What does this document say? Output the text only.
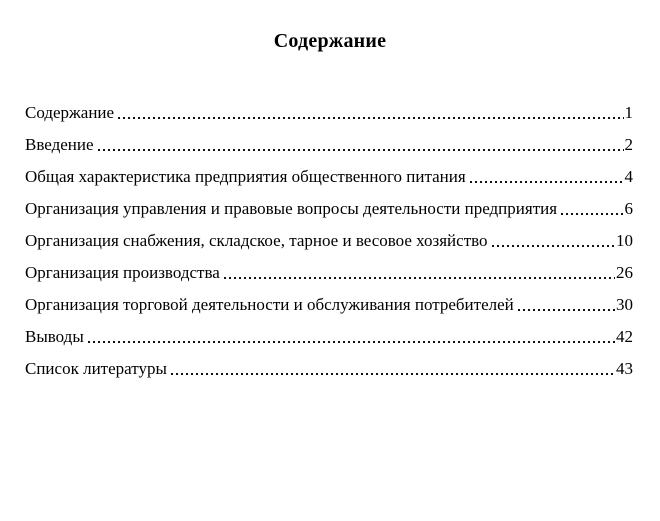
Содержание
Содержание	1
Введение	2
Общая характеристика предприятия общественного питания	4
Организация управления и правовые вопросы деятельности предприятия	6
Организация снабжения, складское, тарное и весовое хозяйство	10
Организация производства	26
Организация торговой деятельности и обслуживания потребителей	30
Выводы	42
Список литературы	43
